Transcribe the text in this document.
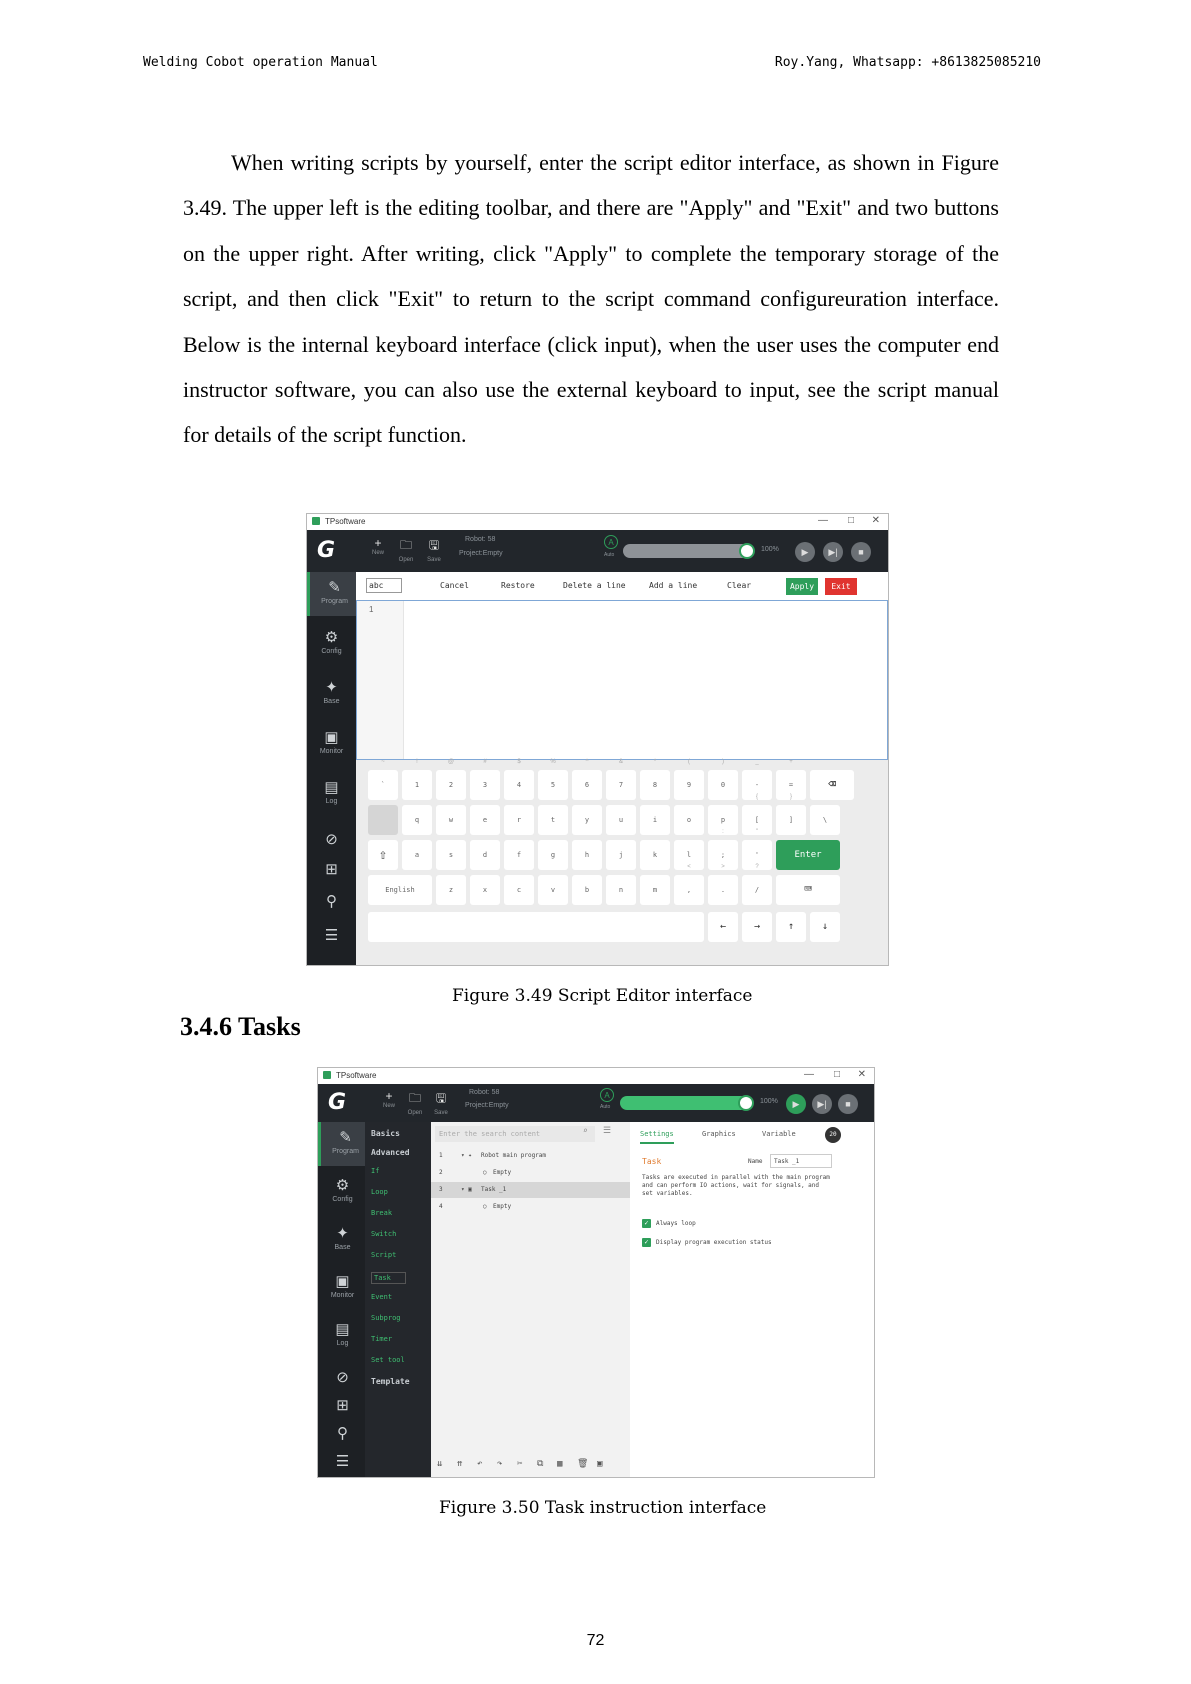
Welding Cobot operation Manual	Roy.Yang, Whatsapp: +8613825085210
When writing scripts by yourself, enter the script editor interface, as shown in Figure 3.49. The upper left is the editing toolbar, and there are "Apply" and "Exit" and two buttons on the upper right. After writing, click "Apply" to complete the temporary storage of the script, and then click "Exit" to return to the script command configureuration interface. Below is the internal keyboard interface (click input), when the user uses the computer end instructor software, you can also use the external keyboard to input, see the script manual for details of the script function.
TPsoftware	— □ ✕
G	+
New
🗀
Open
🖫
Save
Robot: 58
Project:Empty
A
Auto
100%	▶	▶|	■
✎
Program
⚙
Config
✦
Base
▣
Monitor
▤
Log
⊘
⊞
⚲
☰
abc	Cancel	Restore	Delete a line	Add a line	Clear	Apply	Exit
1
`
~
1
!
2
@
3
#
4
$
5
%
6
^
7
&
8
*
9
(
0
)
-
_
=
+
q	w	e	r	t	y	u	i	o	p	[
{
]
}
\
a	s	d	f	g	h	j	k	l	;
:
'
"
z	x	c	v	b	n	m	,
<
.
>
/
?
⇧
English
⌫
Enter
⌨
←	→	↑	↓
Figure 3.49 Script Editor interface
3.4.6 Tasks
TPsoftware	— □ ✕
G	+
New
🗀
Open
🖫
Save
Robot: 58
Project:Empty
A
Auto
100%	▶	▶|	■
✎
Program
⚙
Config
✦
Base
▣
Monitor
▤
Log
⊘
⊞
⚲
☰
Basics
Advanced
If
Loop
Break
Switch
Script
Task
Event
Subprog
Timer
Set tool
Template
Enter the search content	⌕ ☰
1	▾ ✦ Robot main program
2	○ Empty
3	▾ ▣ Task _1
4	○ Empty
⇊ ⇈ ↶ ↷ ✂ ⧉ ▦ 🗑 ▣
Settings	Graphics	Variable	20
Task	Name	Task _1
Tasks are executed in parallel with the main program and can perform IO actions, wait for signals, and set variables.
✓	Always loop
✓	Display program execution status
Figure 3.50 Task instruction interface
72
